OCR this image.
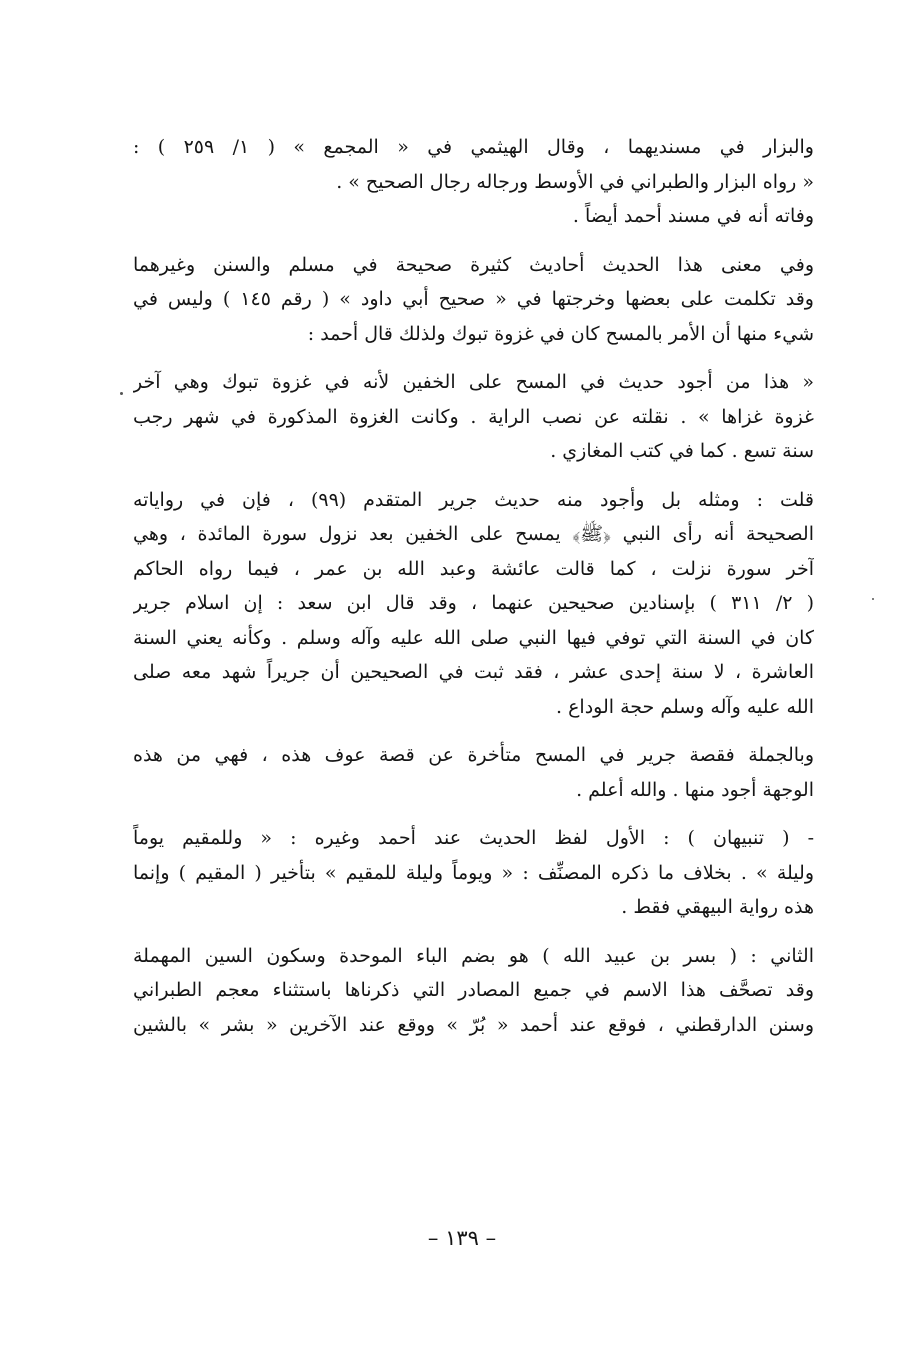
والبزار في مسنديهما ، وقال الهيثمي في « المجمع » ( ١/ ٢٥٩ ) :
« رواه البزار والطبراني في الأوسط ورجاله رجال الصحيح » .
وفاته أنه في مسند أحمد أيضاً .
وفي معنى هذا الحديث أحاديث كثيرة صحيحة في مسلم والسنن وغيرهما
وقد تكلمت على بعضها وخرجتها في « صحيح أبي داود » ( رقم ١٤٥ ) وليس في
شيء منها أن الأمر بالمسح كان في غزوة تبوك ولذلك قال أحمد :
« هذا من أجود حديث في المسح على الخفين لأنه في غزوة تبوك وهي آخر
غزوة غزاها » . نقلته عن نصب الراية . وكانت الغزوة المذكورة في شهر رجب
سنة تسع . كما في كتب المغازي .
قلت : ومثله بل وأجود منه حديث جرير المتقدم (٩٩) ، فإن في رواياته
الصحيحة أنه رأى النبي ﴿ﷺ﴾ يمسح على الخفين بعد نزول سورة المائدة ، وهي
آخر سورة نزلت ، كما قالت عائشة وعبد الله بن عمر ، فيما رواه الحاكم
( ٢/ ٣١١ ) بإسنادين صحيحين عنهما ، وقد قال ابن سعد : إن اسلام جرير
كان في السنة التي توفي فيها النبي صلى الله عليه وآله وسلم . وكأنه يعني السنة
العاشرة ، لا سنة إحدى عشر ، فقد ثبت في الصحيحين أن جريراً شهد معه صلى
الله عليه وآله وسلم حجة الوداع .
وبالجملة فقصة جرير في المسح متأخرة عن قصة عوف هذه ، فهي من هذه
الوجهة أجود منها . والله أعلم .
- ( تنبيهان ) : الأول لفظ الحديث عند أحمد وغيره : « وللمقيم يوماً
وليلة » . بخلاف ما ذكره المصنِّف : « ويوماً وليلة للمقيم » بتأخير ( المقيم ) وإنما
هذه رواية البيهقي فقط .
الثاني : ( بسر بن عبيد الله ) هو بضم الباء الموحدة وسكون السين المهملة
وقد تصحَّف هذا الاسم في جميع المصادر التي ذكرناها باستثناء معجم الطبراني
وسنن الدارقطني ، فوقع عند أحمد « بُرّ » ووقع عند الآخرين « بشر » بالشين
– ١٣٩ –
